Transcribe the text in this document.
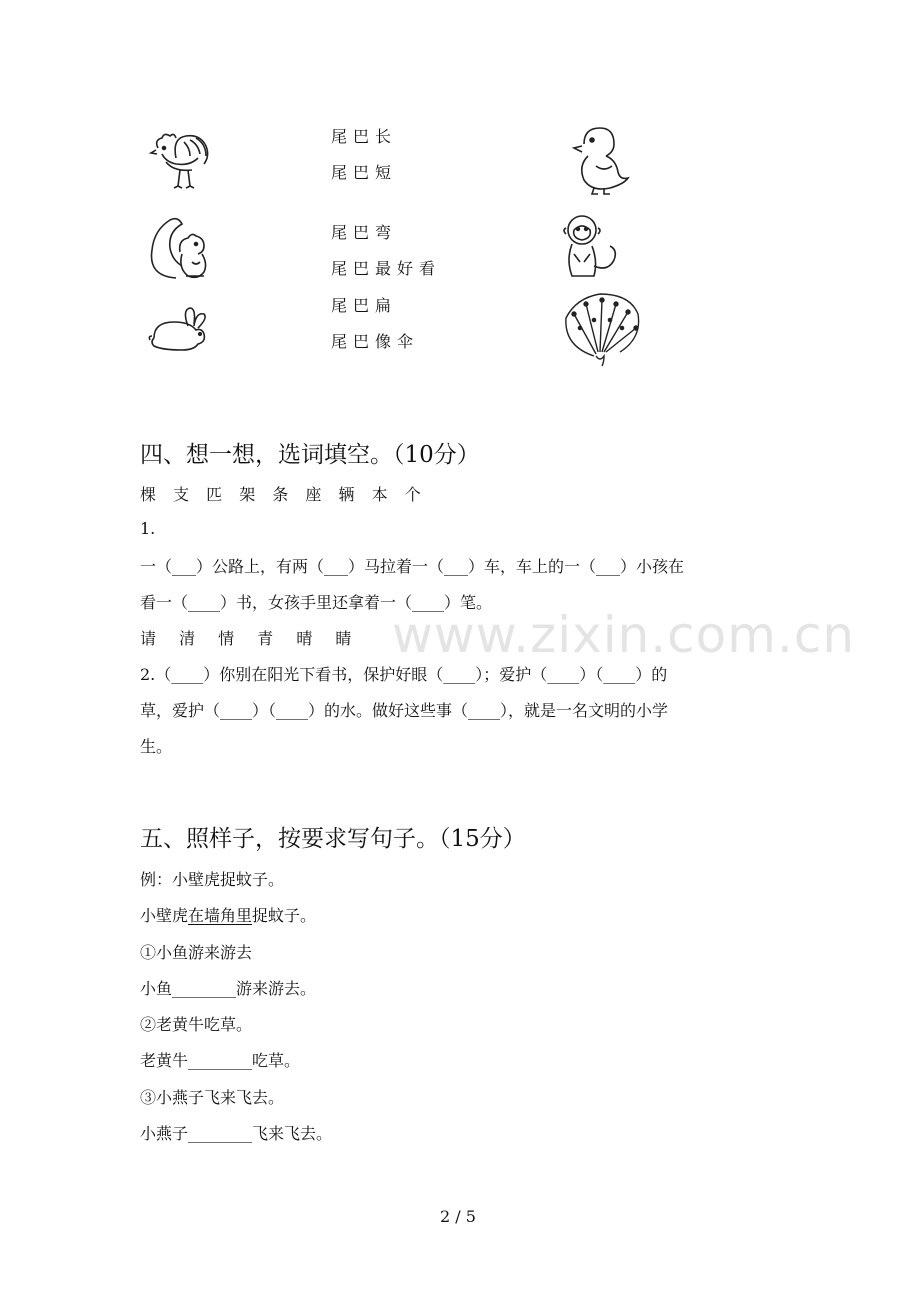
尾巴长
尾巴短
尾巴弯
尾巴最好看
尾巴扁
尾巴像伞
四、想一想，选词填空。（10分）
棵 支 匹 架 条 座 辆 本 个
1.
一（___）公路上，有两（___）马拉着一（___）车，车上的一（___）小孩在
看一（____）书，女孩手里还拿着一（____）笔。
请 清 情 青 晴 睛
2.（____）你别在阳光下看书，保护好眼（____）；爱护（____）（____）的
草，爱护（____）（____）的水。做好这些事（____），就是一名文明的小学
生。
www.zixin.com.cn
五、照样子，按要求写句子。（15分）
例：小壁虎捉蚊子。
小壁虎在墙角里捉蚊子。
①小鱼游来游去
小鱼________游来游去。
②老黄牛吃草。
老黄牛________吃草。
③小燕子飞来飞去。
小燕子________飞来飞去。
2 / 5
